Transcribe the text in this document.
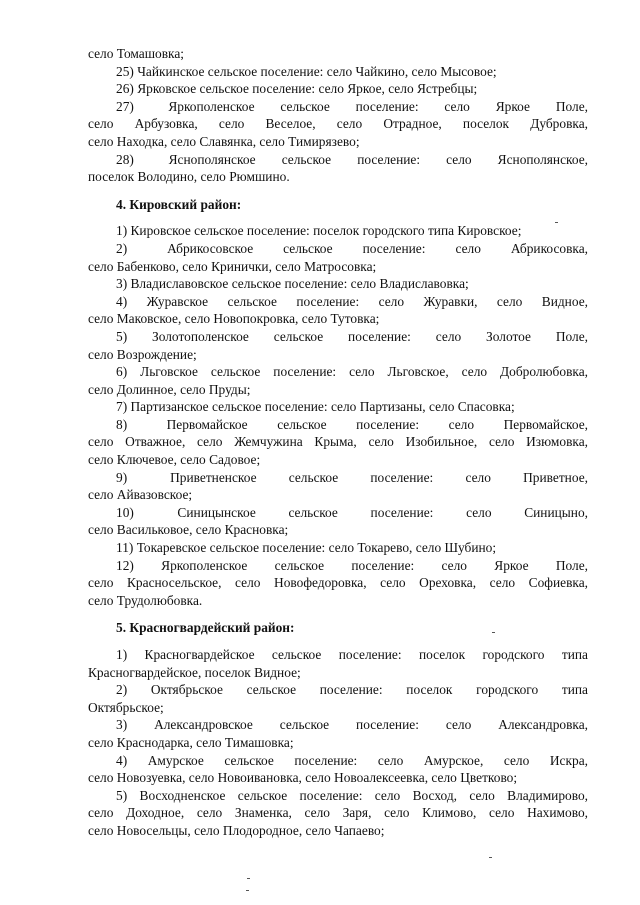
село Томашовка;
25) Чайкинское сельское поселение: село Чайкино, село Мысовое;
26) Ярковское сельское поселение: село Яркое, село Ястребцы;
27)    Яркополенское   сельское   поселение:   село   Яркое   Поле,
село Арбузовка, село Веселое, село Отрадное, поселок Дубровка,
село Находка, село Славянка, село Тимирязево;
28)    Яснополянское   сельское   поселение:   село   Яснополянское,
поселок Володино, село Рюмшино.
4. Кировский район:
1) Кировское сельское поселение: поселок городского типа Кировское;
2)    Абрикосовское   сельское   поселение:   село   Абрикосовка,
село Бабенково, село Кринички, село Матросовка;
3) Владиславовское сельское поселение: село Владиславовка;
4) Журавское сельское поселение: село Журавки, село Видное,
село Маковское, село Новопокровка, село Тутовка;
5) Золотополенское сельское поселение: село Золотое Поле,
село Возрождение;
6) Льговское сельское поселение: село Льговское, село Добролюбовка,
село Долинное, село Пруды;
7) Партизанское сельское поселение: село Партизаны, село Спасовка;
8)    Первомайское   сельское   поселение:   село   Первомайское,
село Отважное, село Жемчужина Крыма, село Изобильное, село Изюмовка,
село Ключевое, село Садовое;
9)    Приветненское   сельское   поселение:   село   Приветное,
село Айвазовское;
10)    Синицынское   сельское   поселение:   село   Синицыно,
село Васильковое, село Красновка;
11) Токаревское сельское поселение: село Токарево, село Шубино;
12) Яркополенское сельское поселение: село Яркое Поле,
село Красносельское, село Новофедоровка, село Ореховка, село Софиевка,
село Трудолюбовка.
5. Красногвардейский район:
1) Красногвардейское сельское поселение: поселок городского типа
Красногвардейское, поселок Видное;
2) Октябрьское сельское поселение: поселок городского типа
Октябрьское;
3) Александровское сельское поселение: село Александровка,
село Краснодарка, село Тимашовка;
4) Амурское сельское поселение: село Амурское, село Искра,
село Новозуевка, село Новоивановка, село Новоалексеевка, село Цветково;
5) Восходненское сельское поселение: село Восход, село Владимирово,
село Доходное, село Знаменка, село Заря, село Климово, село Нахимово,
село Новосельцы, село Плодородное, село Чапаево;
